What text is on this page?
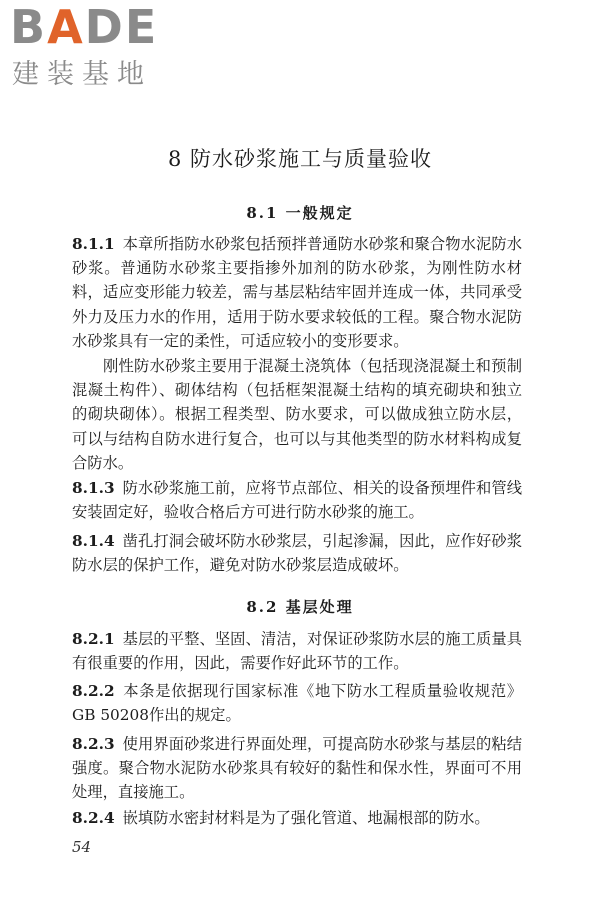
BADE
建装基地
8 防水砂浆施工与质量验收
8.1 一般规定
8.1.1 本章所指防水砂浆包括预拌普通防水砂浆和聚合物水泥防水砂浆。普通防水砂浆主要指掺外加剂的防水砂浆，为刚性防水材料，适应变形能力较差，需与基层粘结牢固并连成一体，共同承受外力及压力水的作用，适用于防水要求较低的工程。聚合物水泥防水砂浆具有一定的柔性，可适应较小的变形要求。
刚性防水砂浆主要用于混凝土浇筑体（包括现浇混凝土和预制混凝土构件）、砌体结构（包括框架混凝土结构的填充砌块和独立的砌块砌体）。根据工程类型、防水要求，可以做成独立防水层，可以与结构自防水进行复合，也可以与其他类型的防水材料构成复合防水。
8.1.3 防水砂浆施工前，应将节点部位、相关的设备预埋件和管线安装固定好，验收合格后方可进行防水砂浆的施工。
8.1.4 凿孔打洞会破坏防水砂浆层，引起渗漏，因此，应作好砂浆防水层的保护工作，避免对防水砂浆层造成破坏。
8.2 基层处理
8.2.1 基层的平整、坚固、清洁，对保证砂浆防水层的施工质量具有很重要的作用，因此，需要作好此环节的工作。
8.2.2 本条是依据现行国家标准《地下防水工程质量验收规范》GB 50208作出的规定。
8.2.3 使用界面砂浆进行界面处理，可提高防水砂浆与基层的粘结强度。聚合物水泥防水砂浆具有较好的黏性和保水性，界面可不用处理，直接施工。
8.2.4 嵌填防水密封材料是为了强化管道、地漏根部的防水。
54
